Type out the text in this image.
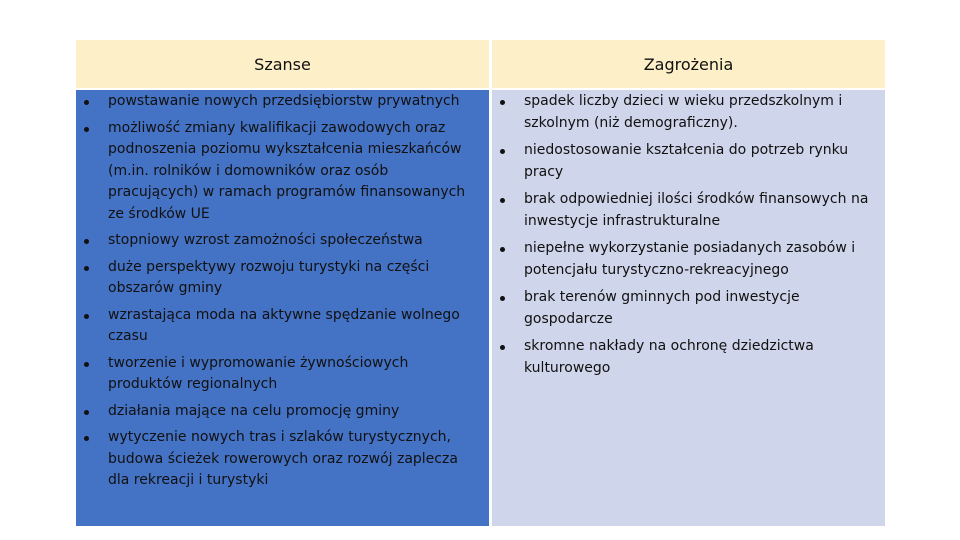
Szanse	Zagrożenia
powstawanie nowych przedsiębiorstw prywatnych
możliwość zmiany kwalifikacji zawodowych oraz podnoszenia poziomu wykształcenia mieszkańców (m.in. rolników i domowników oraz osób pracujących) w ramach programów finansowanych ze środków UE
stopniowy wzrost zamożności społeczeństwa
duże perspektywy rozwoju turystyki na części obszarów gminy
wzrastająca moda na aktywne spędzanie wolnego czasu
tworzenie i wypromowanie żywnościowych produktów regionalnych
działania mające na celu promocję gminy
wytyczenie nowych tras i szlaków turystycznych, budowa ścieżek rowerowych oraz rozwój zaplecza dla rekreacji i turystyki
spadek liczby dzieci w wieku przedszkolnym i szkolnym (niż demograficzny).
niedostosowanie kształcenia do potrzeb rynku pracy
brak odpowiedniej ilości środków finansowych na inwestycje infrastrukturalne
niepełne wykorzystanie posiadanych zasobów i potencjału turystyczno-rekreacyjnego
brak terenów gminnych pod inwestycje gospodarcze
skromne nakłady na ochronę dziedzictwa kulturowego
